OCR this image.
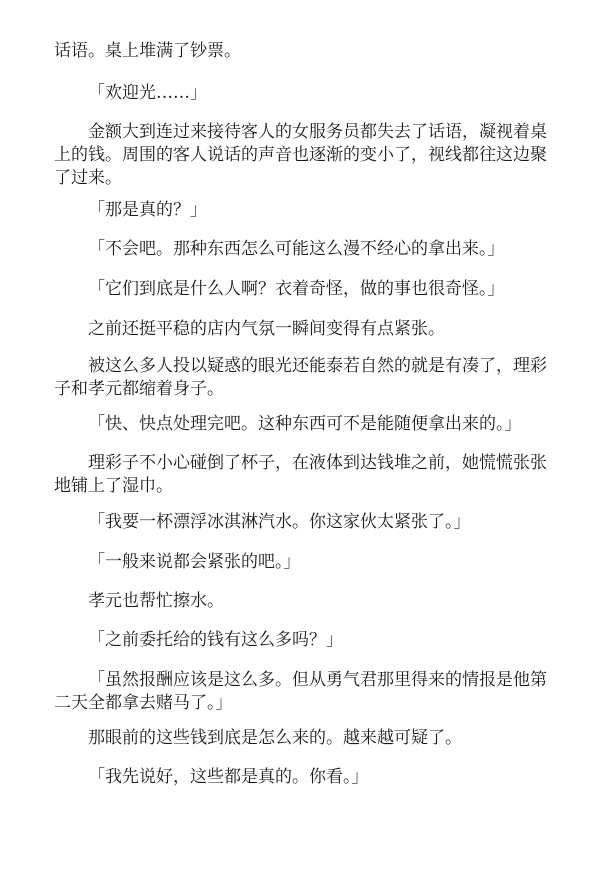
话语。桌上堆满了钞票。

「欢迎光……」

金额大到连过来接待客人的女服务员都失去了话语，凝视着桌上的钱。周围的客人说话的声音也逐渐的变小了，视线都往这边聚了过来。

「那是真的？」

「不会吧。那种东西怎么可能这么漫不经心的拿出来。」

「它们到底是什么人啊？衣着奇怪，做的事也很奇怪。」

之前还挺平稳的店内气氛一瞬间变得有点紧张。

被这么多人投以疑惑的眼光还能泰若自然的就是有凑了，理彩子和孝元都缩着身子。

「快、快点处理完吧。这种东西可不是能随便拿出来的。」

理彩子不小心碰倒了杯子，在液体到达钱堆之前，她慌慌张张地铺上了湿巾。

「我要一杯漂浮冰淇淋汽水。你这家伙太紧张了。」

「一般来说都会紧张的吧。」

孝元也帮忙擦水。

「之前委托给的钱有这么多吗？」

「虽然报酬应该是这么多。但从勇气君那里得来的情报是他第二天全都拿去赌马了。」

那眼前的这些钱到底是怎么来的。越来越可疑了。

「我先说好，这些都是真的。你看。」
